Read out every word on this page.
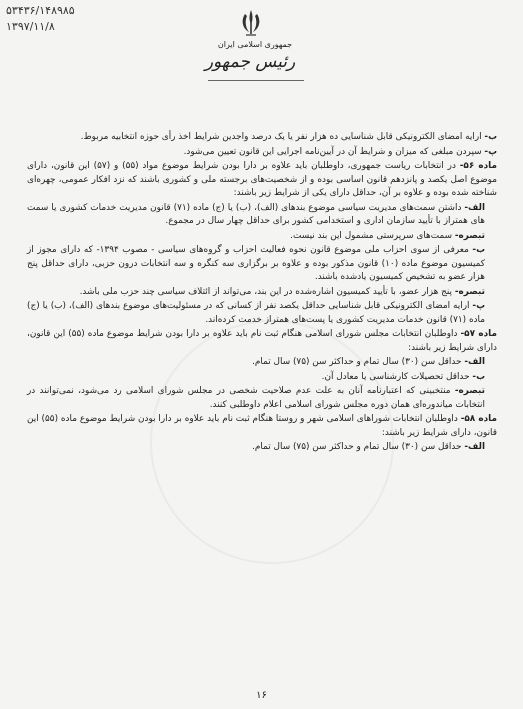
۵۳۴۳۶/۱۴۸۹۸۵
۱۳۹۷/۱۱/۸
جمهوری اسلامی ایران
رئیس جمهور

ب- ارایه امضای الکترونیکی قابل شناسایی ده هزار نفر یا یک درصد واجدین شرایط اخذ رأی حوزه انتخابیه مربوط.

پ- سپردن مبلغی که میزان و شرایط آن در آیین‌نامه اجرایی این قانون تعیین می‌شود.

ماده ۵۶- در انتخابات ریاست جمهوری، داوطلبان باید علاوه بر دارا بودن شرایط موضوع مواد (۵۵) و (۵۷) این قانون، دارای موضوع اصل یکصد و پانزدهم قانون اساسی بوده و از شخصیت‌های برجسته ملی و کشوری باشند که نزد افکار عمومی، چهره‌ای شناخته شده بوده و علاوه بر آن، حداقل دارای یکی از شرایط زیر باشند:

الف- داشتن سمت‌های مدیریت سیاسی موضوع بندهای (الف)، (ب) یا (ج) ماده (۷۱) قانون مدیریت خدمات کشوری یا سمت های همتراز با تأیید سازمان اداری و استخدامی کشور برای حداقل چهار سال در مجموع.

تبصره- سمت‌های سرپرستی مشمول این بند نیست.

ب- معرفی از سوی احزاب ملی موضوع قانون نحوه فعالیت احزاب و گروه‌های سیاسی - مصوب ۱۳۹۴- که دارای مجوز از کمیسیون موضوع ماده (۱۰) قانون مذکور بوده و علاوه بر برگزاری سه کنگره و سه انتخابات درون حزبی، دارای حداقل پنج هزار عضو به تشخیص کمیسیون یادشده باشند.

تبصره- پنج هزار عضو، با تأیید کمیسیون اشاره‌شده در این بند، می‌تواند از ائتلاف سیاسی چند حزب ملی باشد.

پ- ارایه امضای الکترونیکی قابل شناسایی حداقل یکصد نفر از کسانی که در مسئولیت‌های موضوع بندهای (الف)، (ب) یا (ج) ماده (۷۱) قانون خدمات مدیریت کشوری یا پست‌های همتراز خدمت کرده‌اند.

ماده ۵۷- داوطلبان انتخابات مجلس شورای اسلامی هنگام ثبت نام باید علاوه بر دارا بودن شرایط موضوع ماده (۵۵) این قانون، دارای شرایط زیر باشند:

الف- حداقل سن (۳۰) سال تمام و حداکثر سن (۷۵) سال تمام.

ب- حداقل تحصیلات کارشناسی یا معادل آن.

تبصره- منتخبینی که اعتبارنامه آنان به علت عدم صلاحیت شخصی در مجلس شورای اسلامی رد می‌شود، نمی‌توانند در انتخابات میاندوره‌ای همان دوره مجلس شورای اسلامی اعلام داوطلبی کنند.

ماده ۵۸- داوطلبان انتخابات شوراهای اسلامی شهر و روستا هنگام ثبت نام باید علاوه بر دارا بودن شرایط موضوع ماده (۵۵) این قانون، دارای شرایط زیر باشند:

الف- حداقل سن (۳۰) سال تمام و حداکثر سن (۷۵) سال تمام.

۱۶
